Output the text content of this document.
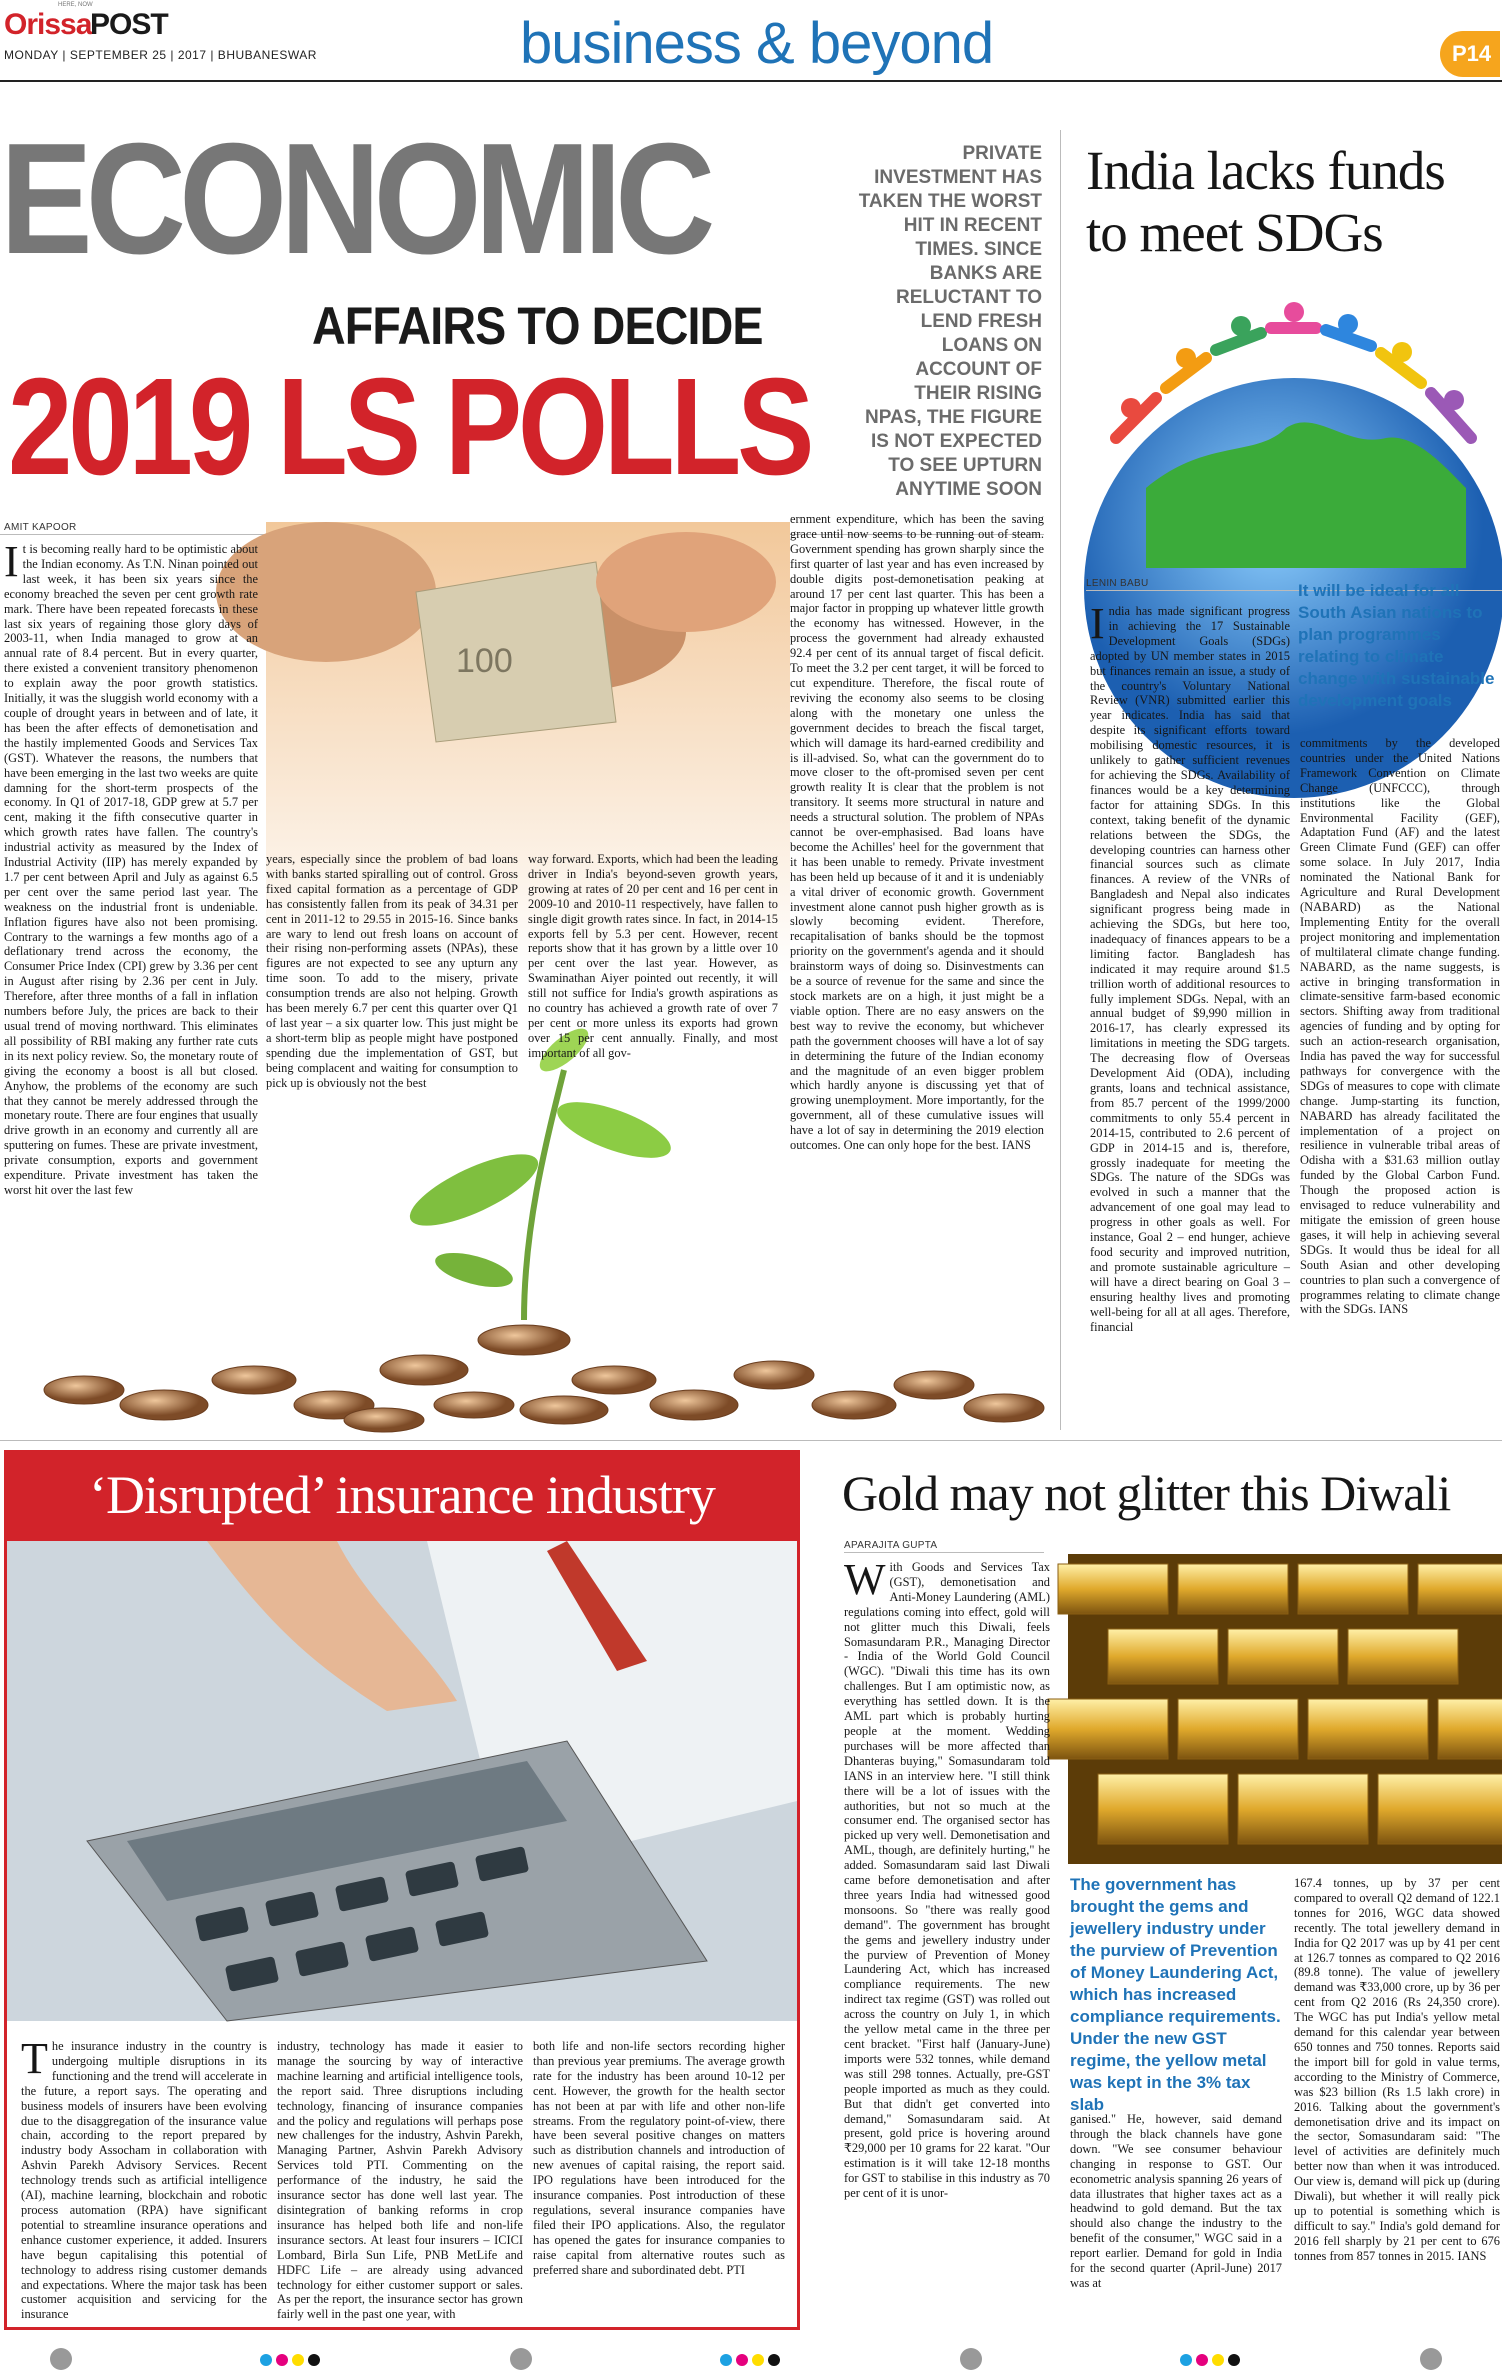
HERE, NOW
Orissa
POST
MONDAY | SEPTEMBER 25 | 2017 | BHUBANESWAR	business & beyond	P14
ECONOMIC
AFFAIRS TO DECIDE
2019 LS POLLS
PRIVATE INVESTMENT HAS TAKEN THE WORST HIT IN RECENT TIMES. SINCE BANKS ARE RELUCTANT TO LEND FRESH LOANS ON ACCOUNT OF THEIR RISING NPAS, THE FIGURE IS NOT EXPECTED TO SEE UPTURN ANYTIME SOON
AMIT KAPOOR
100
It is becoming really hard to be optimistic about the Indian economy. As T.N. Ninan pointed out last week, it has been six years since the economy breached the seven per cent growth rate mark. There have been repeated forecasts in these last six years of regaining those glory days of 2003-11, when India managed to grow at an annual rate of 8.4 percent. But in every quarter, there existed a convenient transitory phenomenon to explain away the poor growth statistics. Initially, it was the sluggish world economy with a couple of drought years in between and of late, it has been the after effects of demonetisation and the hastily implemented Goods and Services Tax (GST). Whatever the reasons, the numbers that have been emerging in the last two weeks are quite damning for the short-term prospects of the economy. In Q1 of 2017-18, GDP grew at 5.7 per cent, making it the fifth consecutive quarter in which growth rates have fallen. The country's industrial activity as measured by the Index of Industrial Activity (IIP) has merely expanded by 1.7 per cent between April and July as against 6.5 per cent over the same period last year. The weakness on the industrial front is undeniable. Inflation figures have also not been promising. Contrary to the warnings a few months ago of a deflationary trend across the economy, the Consumer Price Index (CPI) grew by 3.36 per cent in August after rising by 2.36 per cent in July. Therefore, after three months of a fall in inflation numbers before July, the prices are back to their usual trend of moving northward. This eliminates all possibility of RBI making any further rate cuts in its next policy review. So, the monetary route of giving the economy a boost is all but closed. Anyhow, the problems of the economy are such that they cannot be merely addressed through the monetary route. There are four engines that usually drive growth in an economy and currently all are sputtering on fumes. These are private investment, private consumption, exports and government expenditure. Private investment has taken the worst hit over the last few
years, especially since the problem of bad loans with banks started spiralling out of control. Gross fixed capital formation as a percentage of GDP has consistently fallen from its peak of 34.31 per cent in 2011-12 to 29.55 in 2015-16. Since banks are wary to lend out fresh loans on account of their rising non-performing assets (NPAs), these figures are not expected to see any upturn any time soon. To add to the misery, private consumption trends are also not helping. Growth has been merely 6.7 per cent this quarter over Q1 of last year – a six quarter low. This just might be a short-term blip as people might have postponed spending due the implementation of GST, but being complacent and waiting for consumption to pick up is obviously not the best
way forward. Exports, which had been the leading driver in India's beyond-seven growth years, growing at rates of 20 per cent and 16 per cent in 2009-10 and 2010-11 respectively, have fallen to single digit growth rates since. In fact, in 2014-15 exports fell by 5.3 per cent. However, recent reports show that it has grown by a little over 10 per cent over the last year. However, as Swaminathan Aiyer pointed out recently, it will still not suffice for India's growth aspirations as no country has achieved a growth rate of over 7 per cent or more unless its exports had grown over 15 per cent annually. Finally, and most important of all gov-
ernment expenditure, which has been the saving grace until now seems to be running out of steam. Government spending has grown sharply since the first quarter of last year and has even increased by double digits post-demonetisation peaking at around 17 per cent last quarter. This has been a major factor in propping up whatever little growth the economy has witnessed. However, in the process the government had already exhausted 92.4 per cent of its annual target of fiscal deficit. To meet the 3.2 per cent target, it will be forced to cut expenditure. Therefore, the fiscal route of reviving the economy also seems to be closing along with the monetary one unless the government decides to breach the fiscal target, which will damage its hard-earned credibility and is ill-advised. So, what can the government do to move closer to the oft-promised seven per cent growth reality It is clear that the problem is not transitory. It seems more structural in nature and needs a structural solution. The problem of NPAs cannot be over-emphasised. Bad loans have become the Achilles' heel for the government that it has been unable to remedy. Private investment has been held up because of it and it is undeniably a vital driver of economic growth. Government investment alone cannot push higher growth as is slowly becoming evident. Therefore, recapitalisation of banks should be the topmost priority on the government's agenda and it should brainstorm ways of doing so. Disinvestments can be a source of revenue for the same and since the stock markets are on a high, it just might be a viable option. There are no easy answers on the best way to revive the economy, but whichever path the government chooses will have a lot of say in determining the future of the Indian economy and the magnitude of an even bigger problem which hardly anyone is discussing yet that of growing unemployment. More importantly, for the government, all of these cumulative issues will have a lot of say in determining the 2019 election outcomes. One can only hope for the best. IANS
India lacks funds to meet SDGs
LENIN BABU	It will be ideal for all South Asian nations to plan programmes relating to climate change with sustainable development goals
India has made significant progress in achieving the 17 Sustainable Development Goals (SDGs) adopted by UN member states in 2015 but finances remain an issue, a study of the country's Voluntary National Review (VNR) submitted earlier this year indicates. India has said that despite its significant efforts toward mobilising domestic resources, it is unlikely to gather sufficient revenues for achieving the SDGs. Availability of finances would be a key determining factor for attaining SDGs. In this context, taking benefit of the dynamic relations between the SDGs, the developing countries can harness other financial sources such as climate finances. A review of the VNRs of Bangladesh and Nepal also indicates significant progress being made in achieving the SDGs, but here too, inadequacy of finances appears to be a limiting factor. Bangladesh has indicated it may require around $1.5 trillion worth of additional resources to fully implement SDGs. Nepal, with an annual budget of $9,990 million in 2016-17, has clearly expressed its limitations in meeting the SDG targets. The decreasing flow of Overseas Development Aid (ODA), including grants, loans and technical assistance, from 85.7 percent of the 1999/2000 commitments to only 55.4 percent in 2014-15, contributed to 2.6 percent of GDP in 2014-15 and is, therefore, grossly inadequate for meeting the SDGs. The nature of the SDGs was evolved in such a manner that the advancement of one goal may lead to progress in other goals as well. For instance, Goal 2 – end hunger, achieve food security and improved nutrition, and promote sustainable agriculture – will have a direct bearing on Goal 3 – ensuring healthy lives and promoting well-being for all at all ages. Therefore, financial
commitments by the developed countries under the United Nations Framework Convention on Climate Change (UNFCCC), through institutions like the Global Environmental Facility (GEF), Adaptation Fund (AF) and the latest Green Climate Fund (GEF) can offer some solace. In July 2017, India nominated the National Bank for Agriculture and Rural Development (NABARD) as the National Implementing Entity for the overall project monitoring and implementation of multilateral climate change funding. NABARD, as the name suggests, is active in bringing transformation in climate-sensitive farm-based economic sectors. Shifting away from traditional agencies of funding and by opting for such an action-research organisation, India has paved the way for successful pathways for convergence with the SDGs of measures to cope with climate change. Jump-starting its function, NABARD has already facilitated the implementation of a project on resilience in vulnerable tribal areas of Odisha with a $31.63 million outlay funded by the Global Carbon Fund. Though the proposed action is envisaged to reduce vulnerability and mitigate the emission of green house gases, it will help in achieving several SDGs. It would thus be ideal for all South Asian and other developing countries to plan such a convergence of programmes relating to climate change with the SDGs. IANS
‘Disrupted’ insurance industry
The insurance industry in the country is undergoing multiple disruptions in its functioning and the trend will accelerate in the future, a report says. The operating and business models of insurers have been evolving due to the disaggregation of the insurance value chain, according to the report prepared by industry body Assocham in collaboration with Ashvin Parekh Advisory Services. Recent technology trends such as artificial intelligence (AI), machine learning, blockchain and robotic process automation (RPA) have significant potential to streamline insurance operations and enhance customer experience, it added. Insurers have begun capitalising this potential of technology to address rising customer demands and expectations. Where the major task has been customer acquisition and servicing for the insurance
industry, technology has made it easier to manage the sourcing by way of interactive machine learning and artificial intelligence tools, the report said. Three disruptions including technology, financing of insurance companies and the policy and regulations will perhaps pose new challenges for the industry, Ashvin Parekh, Managing Partner, Ashvin Parekh Advisory Services told PTI. Commenting on the performance of the industry, he said the insurance sector has done well last year. The disintegration of banking reforms in crop insurance has helped both life and non-life insurance sectors. At least four insurers – ICICI Lombard, Birla Sun Life, PNB MetLife and HDFC Life – are already using advanced technology for either customer support or sales. As per the report, the insurance sector has grown fairly well in the past one year, with
both life and non-life sectors recording higher than previous year premiums. The average growth rate for the industry has been around 10-12 per cent. However, the growth for the health sector has not been at par with life and other non-life streams. From the regulatory point-of-view, there have been several positive changes on matters such as distribution channels and introduction of new avenues of capital raising, the report said. IPO regulations have been introduced for the insurance companies. Post introduction of these regulations, several insurance companies have filed their IPO applications. Also, the regulator has opened the gates for insurance companies to raise capital from alternative routes such as preferred share and subordinated debt. PTI
Gold may not glitter this Diwali
APARAJITA GUPTA
With Goods and Services Tax (GST), demonetisation and Anti-Money Laundering (AML) regulations coming into effect, gold will not glitter much this Diwali, feels Somasundaram P.R., Managing Director - India of the World Gold Council (WGC). "Diwali this time has its own challenges. But I am optimistic now, as everything has settled down. It is the AML part which is probably hurting people at the moment. Wedding purchases will be more affected than Dhanteras buying," Somasundaram told IANS in an interview here. "I still think there will be a lot of issues with the authorities, but not so much at the consumer end. The organised sector has picked up very well. Demonetisation and AML, though, are definitely hurting," he added. Somasundaram said last Diwali came before demonetisation and after three years India had witnessed good monsoons. So "there was really good demand". The government has brought the gems and jewellery industry under the purview of Prevention of Money Laundering Act, which has increased compliance requirements. The new indirect tax regime (GST) was rolled out across the country on July 1, in which the yellow metal came in the three per cent bracket. "First half (January-June) imports were 532 tonnes, while demand was still 298 tonnes. Actually, pre-GST people imported as much as they could. But that didn't get converted into demand," Somasundaram said. At present, gold price is hovering around ₹29,000 per 10 grams for 22 karat. "Our estimation is it will take 12-18 months for GST to stabilise in this industry as 70 per cent of it is unor-
The government has brought the gems and jewellery industry under the purview of Prevention of Money Laundering Act, which has increased compliance requirements. Under the new GST regime, the yellow metal was kept in the 3% tax slab
ganised." He, however, said demand through the black channels have gone down. "We see consumer behaviour changing in response to GST. Our econometric analysis spanning 26 years of data illustrates that higher taxes act as a headwind to gold demand. But the tax should also change the industry to the benefit of the consumer," WGC said in a report earlier. Demand for gold in India for the second quarter (April-June) 2017 was at
167.4 tonnes, up by 37 per cent compared to overall Q2 demand of 122.1 tonnes for 2016, WGC data showed recently. The total jewellery demand in India for Q2 2017 was up by 41 per cent at 126.7 tonnes as compared to Q2 2016 (89.8 tonne). The value of jewellery demand was ₹33,000 crore, up by 36 per cent from Q2 2016 (Rs 24,350 crore). The WGC has put India's yellow metal demand for this calendar year between 650 tonnes and 750 tonnes. Reports said the import bill for gold in value terms, according to the Ministry of Commerce, was $23 billion (Rs 1.5 lakh crore) in 2016. Talking about the government's demonetisation drive and its impact on the sector, Somasundaram said: "The level of activities are definitely much better now than when it was introduced. Our view is, demand will pick up (during Diwali), but whether it will really pick up to potential is something which is difficult to say." India's gold demand for 2016 fell sharply by 21 per cent to 676 tonnes from 857 tonnes in 2015. IANS
